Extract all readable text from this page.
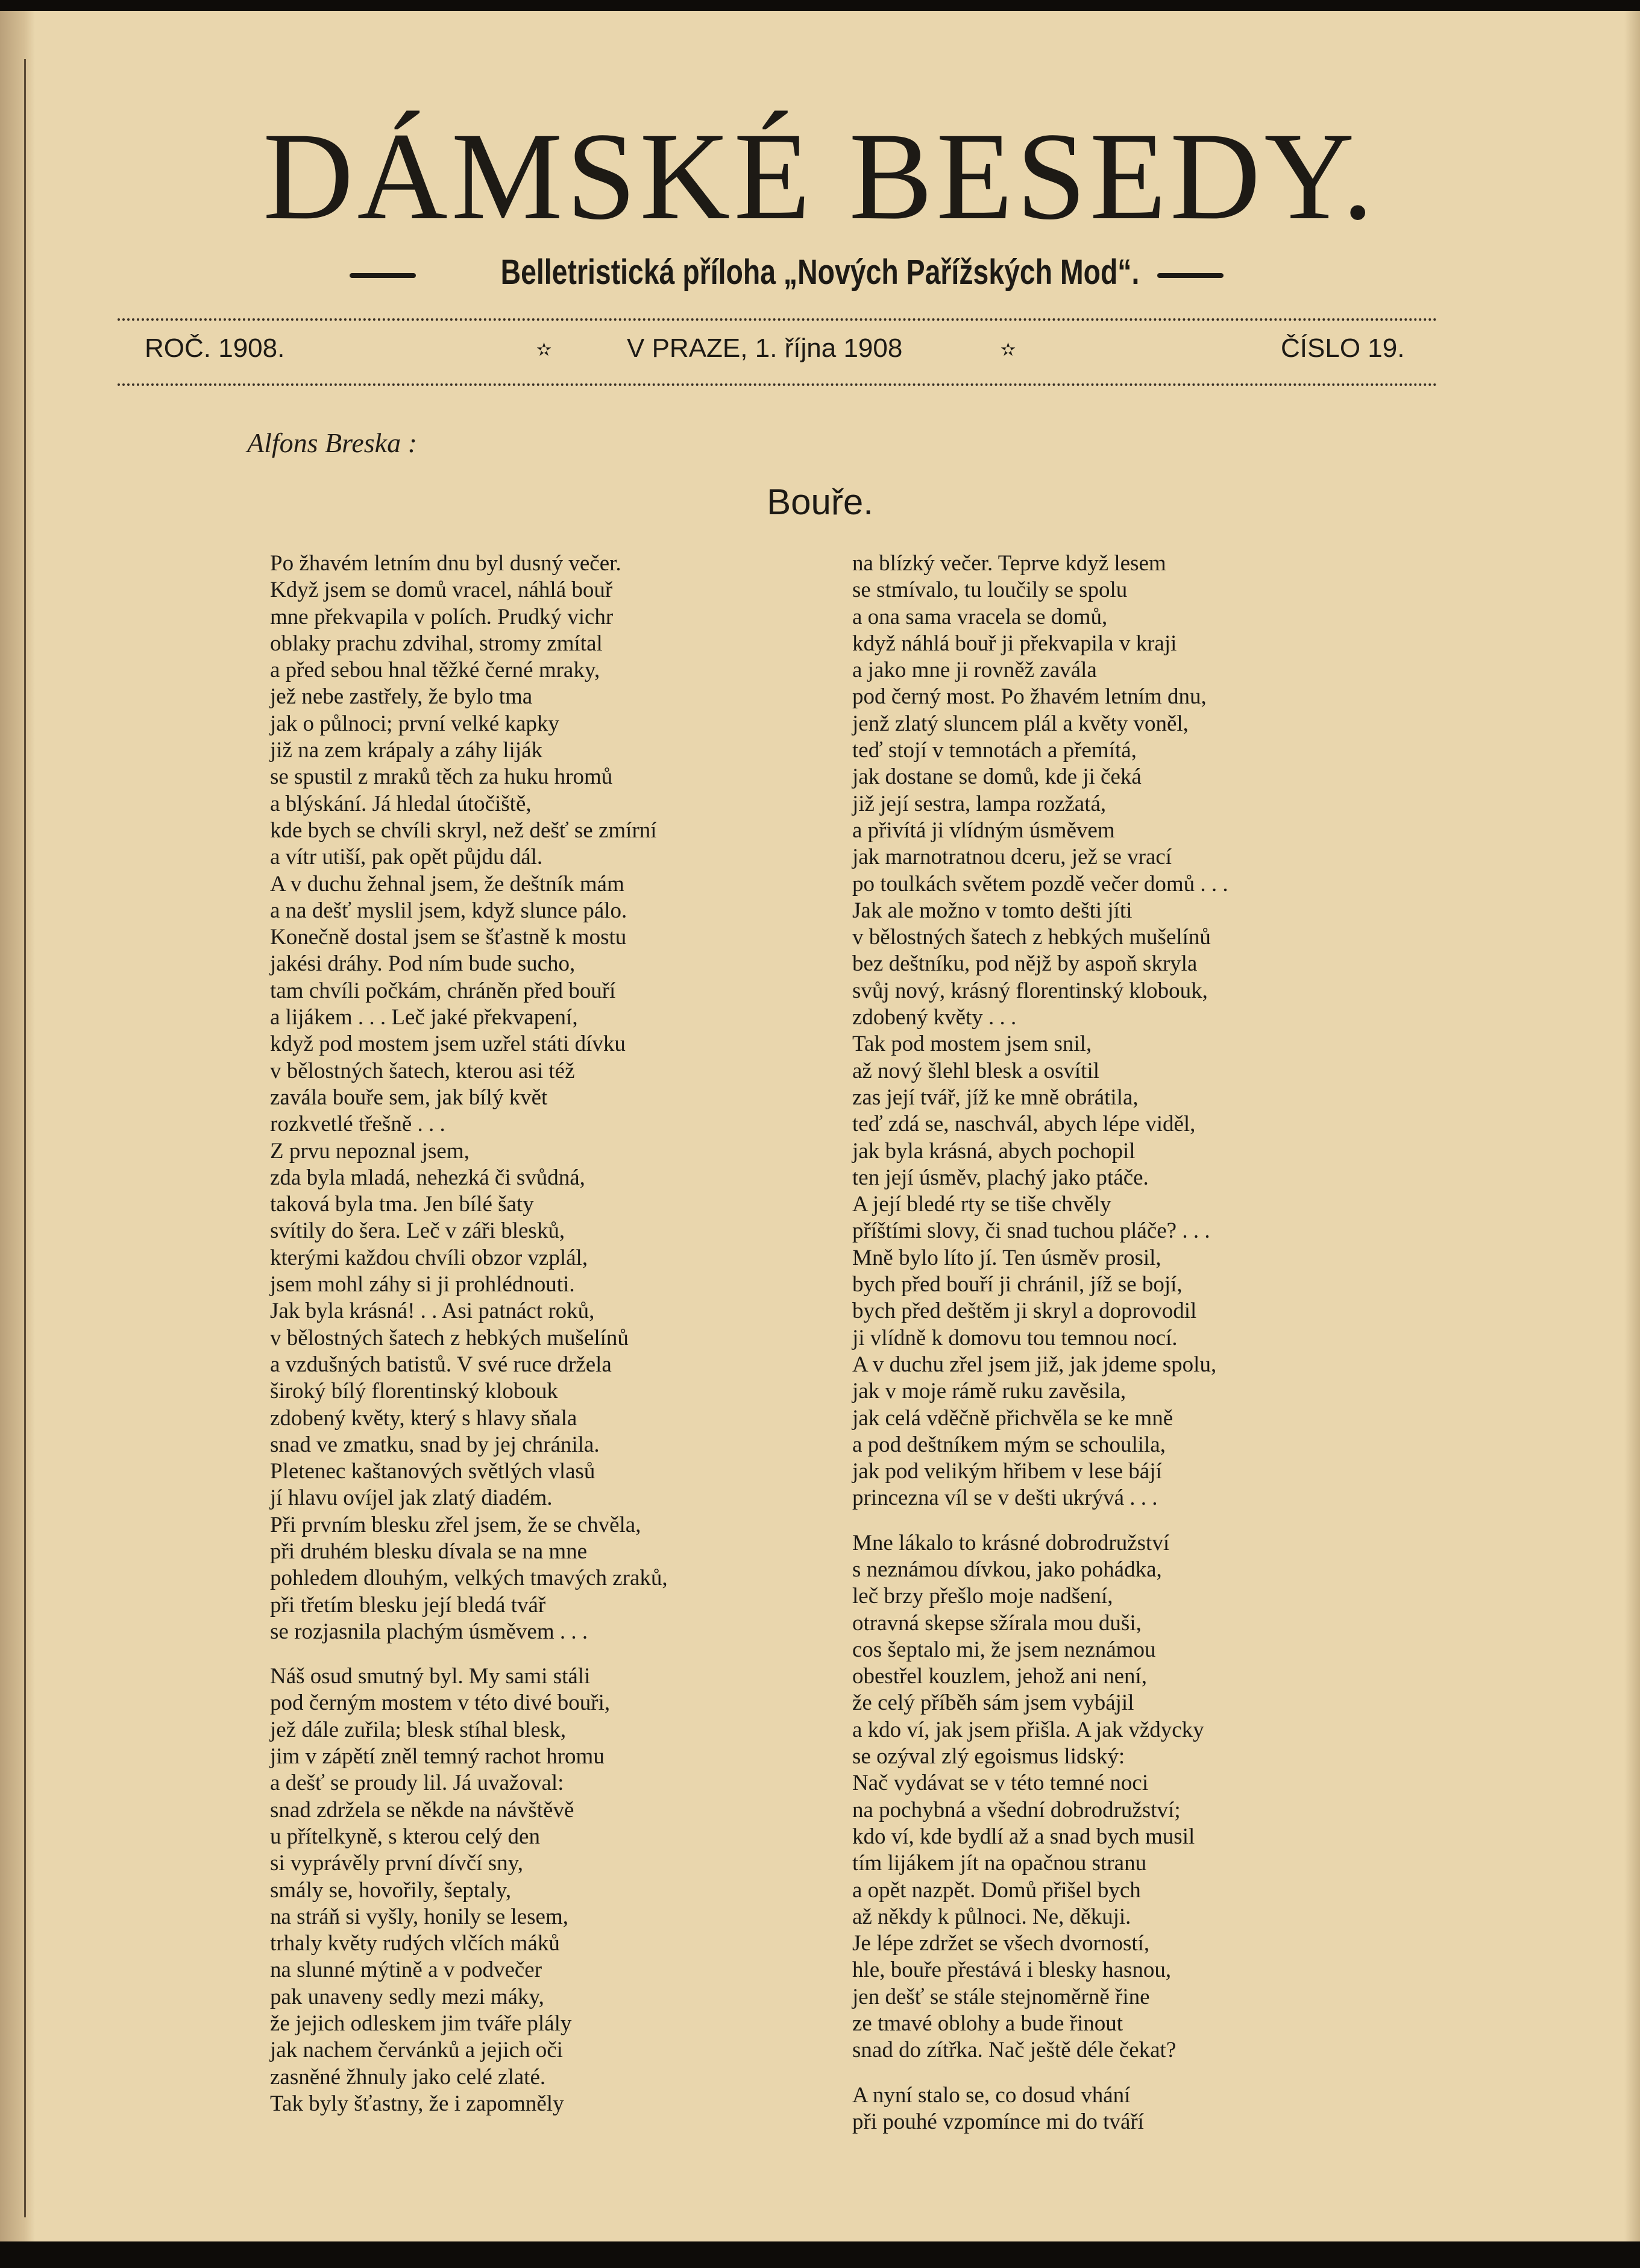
DÁMSKÉ BESEDY.
Belletristická příloha „Nových Pařížských Mod“.
ROČ. 1908.	✫	V PRAZE, 1. října 1908	✫	ČÍSLO 19.
Alfons Breska :
Bouře.
Po žhavém letním dnu byl dusný večer.
Když jsem se domů vracel, náhlá bouř
mne překvapila v polích. Prudký vichr
oblaky prachu zdvihal, stromy zmítal
a před sebou hnal těžké černé mraky,
jež nebe zastřely, že bylo tma
jak o půlnoci; první velké kapky
již na zem krápaly a záhy liják
se spustil z mraků těch za huku hromů
a blýskání. Já hledal útočiště,
kde bych se chvíli skryl, než dešť se zmírní
a vítr utiší, pak opět půjdu dál.
A v duchu žehnal jsem, že deštník mám
a na dešť myslil jsem, když slunce pálo.
Konečně dostal jsem se šťastně k mostu
jakési dráhy. Pod ním bude sucho,
tam chvíli počkám, chráněn před bouří
a lijákem . . . Leč jaké překvapení,
když pod mostem jsem uzřel státi dívku
v bělostných šatech, kterou asi též
zavála bouře sem, jak bílý květ
rozkvetlé třešně . . .
Z prvu nepoznal jsem,
zda byla mladá, nehezká či svůdná,
taková byla tma. Jen bílé šaty
svítily do šera. Leč v záři blesků,
kterými každou chvíli obzor vzplál,
jsem mohl záhy si ji prohlédnouti.
Jak byla krásná! . . Asi patnáct roků,
v bělostných šatech z hebkých mušelínů
a vzdušných batistů. V své ruce držela
široký bílý florentinský klobouk
zdobený květy, který s hlavy sňala
snad ve zmatku, snad by jej chránila.
Pletenec kaštanových světlých vlasů
jí hlavu ovíjel jak zlatý diadém.
Při prvním blesku zřel jsem, že se chvěla,
při druhém blesku dívala se na mne
pohledem dlouhým, velkých tmavých zraků,
při třetím blesku její bledá tvář
se rozjasnila plachým úsměvem . . .
Náš osud smutný byl. My sami stáli
pod černým mostem v této divé bouři,
jež dále zuřila; blesk stíhal blesk,
jim v zápětí zněl temný rachot hromu
a dešť se proudy lil. Já uvažoval:
snad zdržela se někde na návštěvě
u přítelkyně, s kterou celý den
si vyprávěly první dívčí sny,
smály se, hovořily, šeptaly,
na stráň si vyšly, honily se lesem,
trhaly květy rudých vlčích máků
na slunné mýtině a v podvečer
pak unaveny sedly mezi máky,
že jejich odleskem jim tváře plály
jak nachem červánků a jejich oči
zasněné žhnuly jako celé zlaté.
Tak byly šťastny, že i zapomněly
na blízký večer. Teprve když lesem
se stmívalo, tu loučily se spolu
a ona sama vracela se domů,
když náhlá bouř ji překvapila v kraji
a jako mne ji rovněž zavála
pod černý most. Po žhavém letním dnu,
jenž zlatý sluncem plál a květy voněl,
teď stojí v temnotách a přemítá,
jak dostane se domů, kde ji čeká
již její sestra, lampa rozžatá,
a přivítá ji vlídným úsměvem
jak marnotratnou dceru, jež se vrací
po toulkách světem pozdě večer domů . . .
Jak ale možno v tomto dešti jíti
v bělostných šatech z hebkých mušelínů
bez deštníku, pod nějž by aspoň skryla
svůj nový, krásný florentinský klobouk,
zdobený květy . . .
Tak pod mostem jsem snil,
až nový šlehl blesk a osvítil
zas její tvář, jíž ke mně obrátila,
teď zdá se, naschvál, abych lépe viděl,
jak byla krásná, abych pochopil
ten její úsměv, plachý jako ptáče.
A její bledé rty se tiše chvěly
příštími slovy, či snad tuchou pláče? . . .
Mně bylo líto jí. Ten úsměv prosil,
bych před bouří ji chránil, jíž se bojí,
bych před deštěm ji skryl a doprovodil
ji vlídně k domovu tou temnou nocí.
A v duchu zřel jsem již, jak jdeme spolu,
jak v moje rámě ruku zavěsila,
jak celá vděčně přichvěla se ke mně
a pod deštníkem mým se schoulila,
jak pod velikým hřibem v lese bájí
princezna víl se v dešti ukrývá . . .
Mne lákalo to krásné dobrodružství
s neznámou dívkou, jako pohádka,
leč brzy přešlo moje nadšení,
otravná skepse sžírala mou duši,
cos šeptalo mi, že jsem neznámou
obestřel kouzlem, jehož ani není,
že celý příběh sám jsem vybájil
a kdo ví, jak jsem přišla. A jak vždycky
se ozýval zlý egoismus lidský:
Nač vydávat se v této temné noci
na pochybná a všední dobrodružství;
kdo ví, kde bydlí až a snad bych musil
tím lijákem jít na opačnou stranu
a opět nazpět. Domů přišel bych
až někdy k půlnoci. Ne, děkuji.
Je lépe zdržet se všech dvorností,
hle, bouře přestává i blesky hasnou,
jen dešť se stále stejnoměrně řine
ze tmavé oblohy a bude řinout
snad do zítřka. Nač ještě déle čekat?
A nyní stalo se, co dosud vhání
při pouhé vzpomínce mi do tváří
